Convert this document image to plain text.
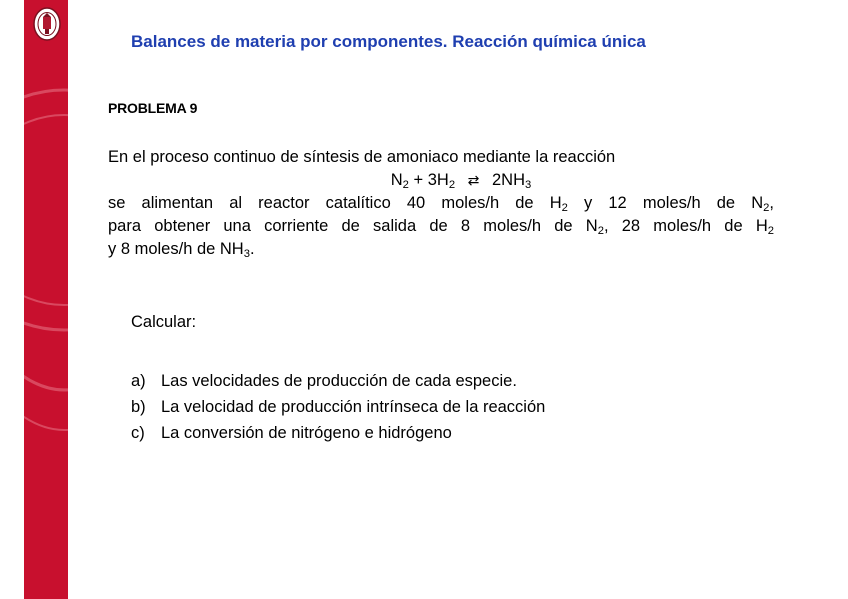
Balances de materia por componentes. Reacción química única
PROBLEMA 9
En el proceso continuo de síntesis de amoniaco mediante la reacción
$N_2 + 3H_2$ ⇄ $2NH_3$
se alimentan al reactor catalítico 40 moles/h de $H_2$ y 12 moles/h de $N_2$,
para obtener una corriente de salida de 8 moles/h de $N_2$, 28 moles/h de $H_2$
y 8 moles/h de $NH_3$.
Calcular:
a) Las velocidades de producción de cada especie.
b) La velocidad de producción intrínseca de la reacción
c) La conversión de nitrógeno e hidrógeno
